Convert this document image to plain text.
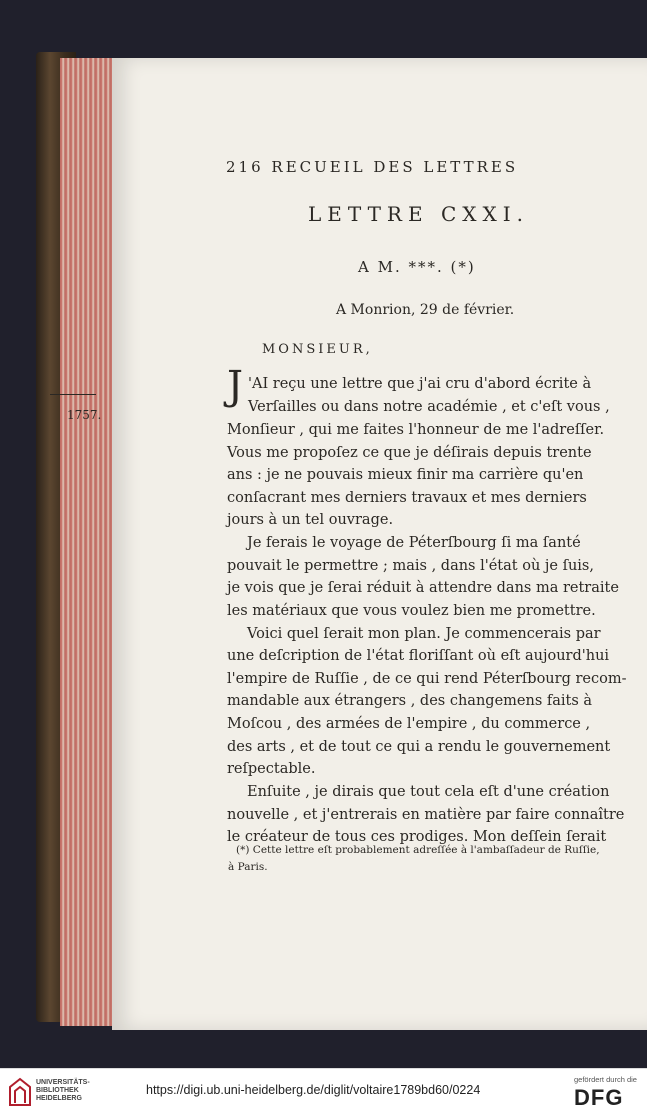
216 RECUEIL DES LETTRES
LETTRE CXXI.
A M. ***. (*)
A Monrion, 29 de février.
MONSIEUR,
1757.
J 'AI reçu une lettre que j'ai cru d'abord écrite à
Verſailles ou dans notre académie , et c'eſt vous ,
Monſieur , qui me faites l'honneur de me l'adreſſer.
Vous me propoſez ce que je déſirais depuis trente
ans : je ne pouvais mieux finir ma carrière qu'en
conſacrant mes derniers travaux et mes derniers
jours à un tel ouvrage.
Je ferais le voyage de Péterſbourg ſi ma ſanté
pouvait le permettre ; mais , dans l'état où je ſuis,
je vois que je ſerai réduit à attendre dans ma retraite
les matériaux que vous voulez bien me promettre.
Voici quel ſerait mon plan. Je commencerais par
une deſcription de l'état floriſſant où eſt aujourd'hui
l'empire de Ruſſie , de ce qui rend Péterſbourg recom-
mandable aux étrangers , des changemens faits à
Moſcou , des armées de l'empire , du commerce ,
des arts , et de tout ce qui a rendu le gouvernement
reſpectable.
Enſuite , je dirais que tout cela eſt d'une création
nouvelle , et j'entrerais en matière par faire connaître
le créateur de tous ces prodiges. Mon deſſein ſerait
(*) Cette lettre eſt probablement adreſſée à l'ambaſſadeur de Ruſſie,
à Paris.
UNIVERSITÄTS-
BIBLIOTHEK
HEIDELBERG
https://digi.ub.uni-heidelberg.de/diglit/voltaire1789bd60/0224
gefördert durch die
DFG
